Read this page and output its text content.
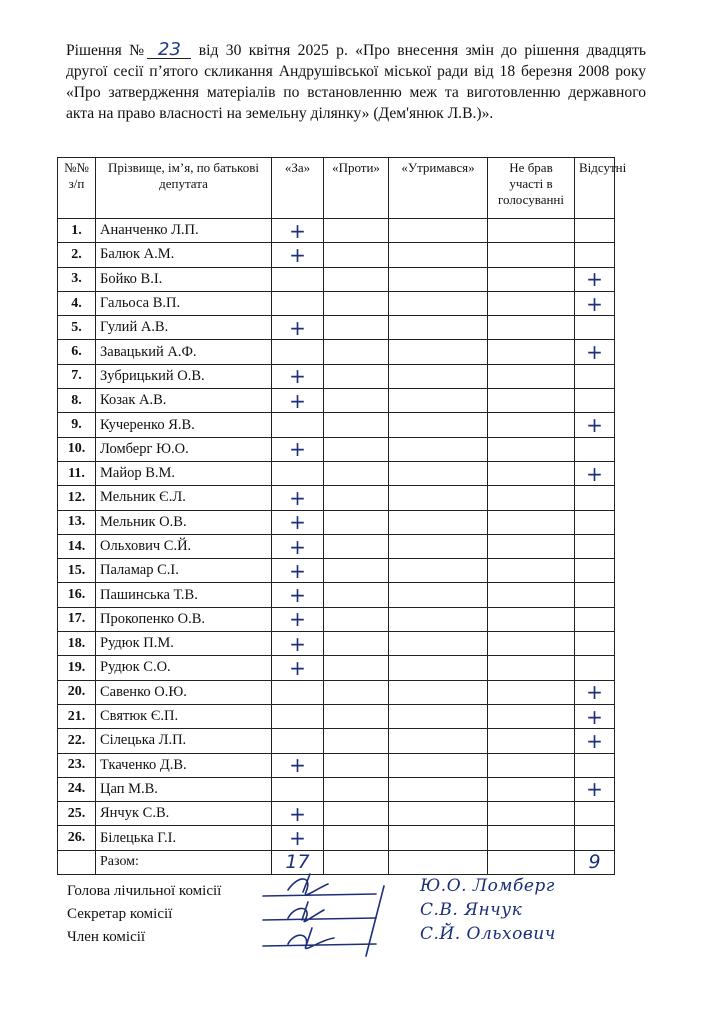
Рішення № 23 від 30 квітня 2025 р. «Про внесення змін до рішення двадцять другої сесії п’ятого скликання Андрушівської міської ради від 18 березня 2008 року «Про затвердження матеріалів по встановленню меж та виготовленню державного акта на право власності на земельну ділянку» (Дем'янюк Л.В.)».
№№ з/п	Прізвище, ім’я, по батькові депутата	«За»	«Проти»	«Утримався»	Не брав участі в голосуванні	Відсутні
1.	Ананченко Л.П.	+				
2.	Балюк А.М.	+				
3.	Бойко В.І.					+
4.	Гальоса В.П.					+
5.	Гулий А.В.	+				
6.	Завацький А.Ф.					+
7.	Зубрицький О.В.	+				
8.	Козак А.В.	+				
9.	Кучеренко Я.В.					+
10.	Ломберг Ю.О.	+				
11.	Майор В.М.					+
12.	Мельник Є.Л.	+				
13.	Мельник О.В.	+				
14.	Ольхович С.Й.	+				
15.	Паламар С.І.	+				
16.	Пашинська Т.В.	+				
17.	Прокопенко О.В.	+				
18.	Рудюк П.М.	+				
19.	Рудюк С.О.	+				
20.	Савенко О.Ю.					+
21.	Святюк Є.П.					+
22.	Сілецька Л.П.					+
23.	Ткаченко Д.В.	+				
24.	Цап М.В.					+
25.	Янчук С.В.	+				
26.	Білецька Г.І.	+				
	Разом:	17				9
Голова лічильної комісії
Секретар комісії
Член комісії
Ю.О. Ломберг
С.В. Янчук
С.Й. Ольхович
